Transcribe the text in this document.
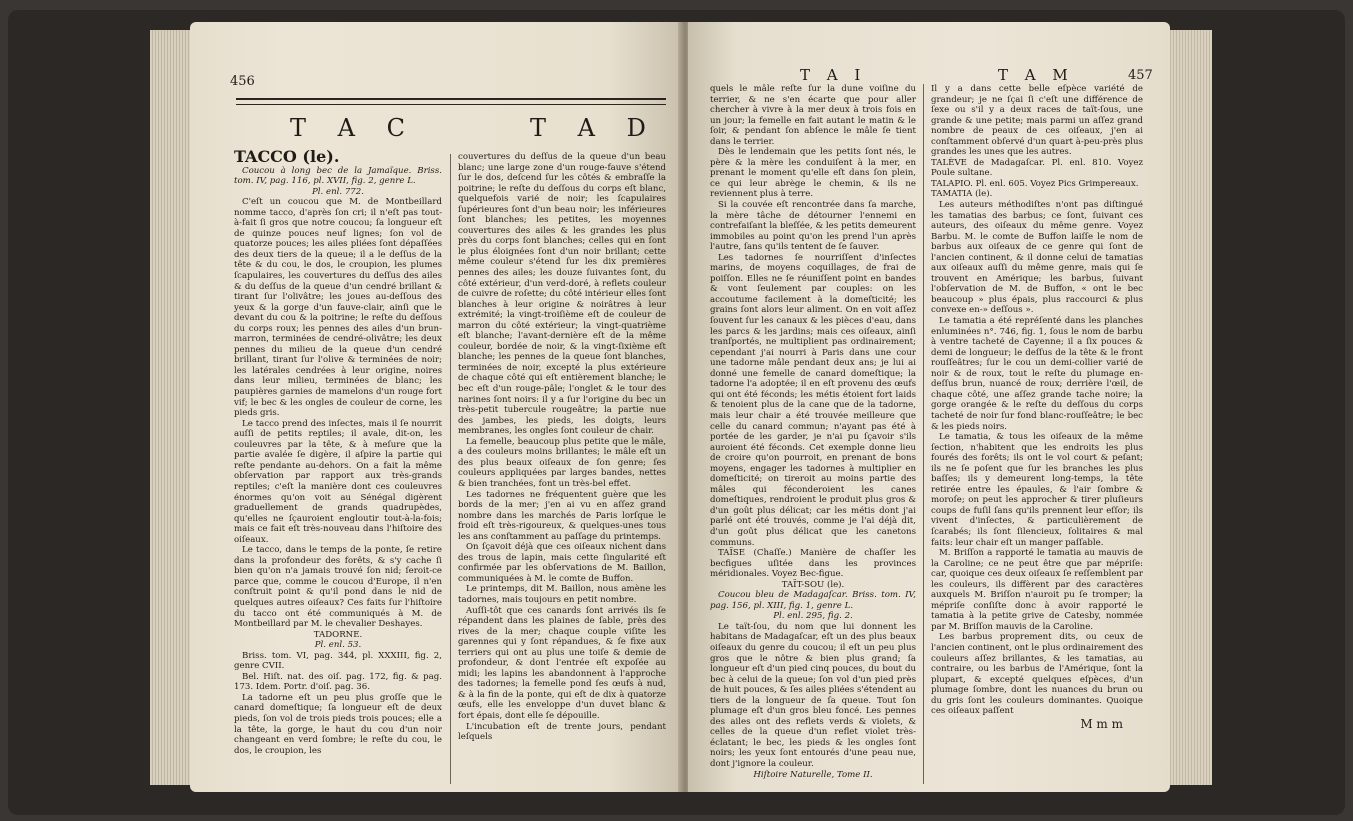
456
T A C	T A D

TACCO (le).

Coucou à long bec de la Jamaïque. Briss. tom. IV, pag. 116, pl. XVII, fig. 2, genre L.

Pl. enl. 772.

C'eſt un coucou que M. de Montbeillard nomme tacco, d'après ſon cri; il n'eſt pas tout-à-fait ſi gros que notre coucou; ſa longueur eſt de quinze pouces neuf lignes; ſon vol de quatorze pouces; les ailes pliées ſont dépaſſées des deux tiers de la queue; il a le deſſus de la tête & du cou, le dos, le croupion, les plumes ſcapulaires, les couvertures du deſſus des ailes & du deſſus de la queue d'un cendré brillant & tirant ſur l'olivâtre; les joues au-deſſous des yeux & la gorge d'un fauve-clair, ainſi que le devant du cou & la poitrine; le reſte du deſſous du corps roux; les pennes des ailes d'un brun-marron, terminées de cendré-olivâtre; les deux pennes du milieu de la queue d'un cendré brillant, tirant ſur l'olive & terminées de noir; les latérales cendrées à leur origine, noires dans leur milieu, terminées de blanc; les paupières garnies de mamelons d'un rouge fort vif; le bec & les ongles de couleur de corne, les pieds gris.

Le tacco prend des inſectes, mais il ſe nourrit auſſi de petits reptiles; il avale, dit-on, les couleuvres par la tête, & à meſure que la partie avalée ſe digère, il aſpire la partie qui reſte pendante au-dehors. On a fait la même obſervation par rapport aux très-grands reptiles; c'eſt la manière dont ces couleuvres énormes qu'on voit au Sénégal digèrent graduellement de grands quadrupèdes, qu'elles ne ſçauroient engloutir tout-à-la-fois; mais ce fait eſt très-nouveau dans l'hiſtoire des oiſeaux.

Le tacco, dans le temps de la ponte, ſe retire dans la profondeur des forêts, & s'y cache ſi bien qu'on n'a jamais trouvé ſon nid; ſeroit-ce parce que, comme le coucou d'Europe, il n'en conſtruit point & qu'il pond dans le nid de quelques autres oiſeaux? Ces faits ſur l'hiſtoire du tacco ont été communiqués à M. de Montbeillard par M. le chevalier Deshayes.

TADORNE.

Pl. enl. 53.

Briss. tom. VI, pag. 344, pl. XXXIII, fig. 2, genre CVII.

Bel. Hiſt. nat. des oiſ. pag. 172, fig. & pag. 173. Idem. Portr. d'oiſ. pag. 36.

La tadorne eſt un peu plus groſſe que le canard domeſtique; ſa longueur eſt de deux pieds, ſon vol de trois pieds trois pouces; elle a la tête, la gorge, le haut du cou d'un noir changeant en verd ſombre; le reſte du cou, le dos, le croupion, les

couvertures du deſſus de la queue d'un beau blanc; une large zone d'un rouge-fauve s'étend ſur le dos, deſcend ſur les côtés & embraſſe la poitrine; le reſte du deſſous du corps eſt blanc, quelquefois varié de noir; les ſcapulaires ſupérieures ſont d'un beau noir; les inférieures ſont blanches; les petites, les moyennes couvertures des ailes & les grandes les plus près du corps ſont blanches; celles qui en ſont le plus éloignées ſont d'un noir brillant; cette même couleur s'étend ſur les dix premières pennes des ailes; les douze ſuivantes ſont, du côté extérieur, d'un verd-doré, à reflets couleur de cuivre de roſette; du côté intérieur elles ſont blanches à leur origine & noirâtres à leur extrémité; la vingt-troiſième eſt de couleur de marron du côté extérieur; la vingt-quatrième eſt blanche; l'avant-dernière eſt de la même couleur, bordée de noir, & la vingt-ſixième eſt blanche; les pennes de la queue ſont blanches, terminées de noir, excepté la plus extérieure de chaque côté qui eſt entièrement blanche; le bec eſt d'un rouge-pâle; l'onglet & le tour des narines ſont noirs: il y a ſur l'origine du bec un très-petit tubercule rougeâtre; la partie nue des jambes, les pieds, les doigts, leurs membranes, les ongles ſont couleur de chair.

La femelle, beaucoup plus petite que le mâle, a des couleurs moins brillantes; le mâle eſt un des plus beaux oiſeaux de ſon genre; ſes couleurs appliquées par larges bandes, nettes & bien tranchées, font un très-bel effet.

Les tadornes ne fréquentent guère que les bords de la mer; j'en ai vu en aſſez grand nombre dans les marchés de Paris lorſque le froid eſt très-rigoureux, & quelques-unes tous les ans conſtamment au paſſage du printemps.

On ſçavoit déjà que ces oiſeaux nichent dans des trous de lapin, mais cette ſingularité eſt confirmée par les obſervations de M. Baillon, communiquées à M. le comte de Buffon.

Le printemps, dit M. Baillon, nous amène les tadornes, mais toujours en petit nombre.

Auſſi-tôt que ces canards ſont arrivés ils ſe répandent dans les plaines de ſable, près des rives de la mer; chaque couple viſite les garennes qui y ſont répandues, & ſe fixe aux terriers qui ont au plus une toiſe & demie de profondeur, & dont l'entrée eſt expoſée au midi; les lapins les abandonnent à l'approche des tadornes; la femelle pond ſes œufs à nud, & à la fin de la ponte, qui eſt de dix à quatorze œufs, elle les enveloppe d'un duvet blanc & fort épais, dont elle ſe dépouille.

L'incubation eſt de trente jours, pendant leſquels

T A I	T A M	457

quels le mâle reſte ſur la dune voiſine du terrier, & ne s'en écarte que pour aller chercher à vivre à la mer deux à trois fois en un jour; la femelle en fait autant le matin & le ſoir, & pendant ſon abſence le mâle ſe tient dans le terrier.

Dès le lendemain que les petits ſont nés, le père & la mère les conduiſent à la mer, en prenant le moment qu'elle eſt dans ſon plein, ce qui leur abrège le chemin, & ils ne reviennent plus à terre.

Si la couvée eſt rencontrée dans ſa marche, la mère tâche de détourner l'ennemi en contrefaiſant la bleſſée, & les petits demeurent immobiles au point qu'on les prend l'un après l'autre, ſans qu'ils tentent de ſe ſauver.

Les tadornes ſe nourriſſent d'inſectes marins, de moyens coquillages, de frai de poiſſon. Elles ne ſe réuniſſent point en bandes & vont ſeulement par couples: on les accoutume facilement à la domeſticité; les grains ſont alors leur aliment. On en voit aſſez ſouvent ſur les canaux & les pièces d'eau, dans les parcs & les jardins; mais ces oiſeaux, ainſi tranſportés, ne multiplient pas ordinairement; cependant j'ai nourri à Paris dans une cour une tadorne mâle pendant deux ans; je lui ai donné une femelle de canard domeſtique; la tadorne l'a adoptée; il en eſt provenu des œufs qui ont été féconds; les métis étoient fort laids & tenoient plus de la cane que de la tadorne, mais leur chair a été trouvée meilleure que celle du canard commun; n'ayant pas été à portée de les garder, je n'ai pu ſçavoir s'ils auroient été féconds. Cet exemple donne lieu de croire qu'on pourroit, en prenant de bons moyens, engager les tadornes à multiplier en domeſticité; on tireroit au moins partie des mâles qui féconderoient les canes domeſtiques, rendroient le produit plus gros & d'un goût plus délicat; car les métis dont j'ai parlé ont été trouvés, comme je l'ai déjà dit, d'un goût plus délicat que les canetons communs.

TAÏSE (Chaſſe.) Manière de chaſſer les becfigues uſitée dans les provinces méridionales. Voyez Bec-figue.

TAÏT-SOU (le).

Coucou bleu de Madagaſcar. Briss. tom. IV, pag. 156, pl. XIII, fig. 1, genre L.

Pl. enl. 295, fig. 2.

Le taït-ſou, du nom que lui donnent les habitans de Madagaſcar, eſt un des plus beaux oiſeaux du genre du coucou; il eſt un peu plus gros que le nôtre & bien plus grand; ſa longueur eſt d'un pied cinq pouces, du bout du bec à celui de la queue; ſon vol d'un pied près de huit pouces, & ſes ailes pliées s'étendent au tiers de la longueur de ſa queue. Tout ſon plumage eſt d'un gros bleu foncé. Les pennes des ailes ont des reflets verds & violets, & celles de la queue d'un reflet violet très-éclatant; le bec, les pieds & les ongles ſont noirs; les yeux ſont entourés d'une peau nue, dont j'ignore la couleur.

Hiſtoire Naturelle, Tome II.

Il y a dans cette belle eſpèce variété de grandeur; je ne ſçai ſi c'eſt une différence de ſexe ou s'il y a deux races de taït-ſous, une grande & une petite; mais parmi un aſſez grand nombre de peaux de ces oiſeaux, j'en ai conſtamment obſervé d'un quart à-peu-près plus grandes les unes que les autres.

TALÈVE de Madagaſcar. Pl. enl. 810. Voyez Poule sultane.

TALAPIO. Pl. enl. 605. Voyez Pics Grimpereaux.

TAMATIA (le).

Les auteurs méthodiſtes n'ont pas diſtingué les tamatias des barbus; ce ſont, ſuivant ces auteurs, des oiſeaux du même genre. Voyez Barbu. M. le comte de Buffon laiſſe le nom de barbus aux oiſeaux de ce genre qui ſont de l'ancien continent, & il donne celui de tamatias aux oiſeaux auſſi du même genre, mais qui ſe trouvent en Amérique; les barbus, ſuivant l'obſervation de M. de Buffon, « ont le bec beaucoup » plus épais, plus raccourci & plus convexe en-» deſſous ».

Le tamatia a été repréſenté dans les planches enluminées n°. 746, fig. 1, ſous le nom de barbu à ventre tacheté de Cayenne; il a ſix pouces & demi de longueur; le deſſus de la tête & le front rouſſeâtres; ſur le cou un demi-collier varié de noir & de roux, tout le reſte du plumage en-deſſus brun, nuancé de roux; derrière l'œil, de chaque côté, une aſſez grande tache noire; la gorge orangée & le reſte du deſſous du corps tacheté de noir ſur fond blanc-rouſſeâtre; le bec & les pieds noirs.

Le tamatia, & tous les oiſeaux de la même ſection, n'habitent que les endroits les plus fourés des forêts; ils ont le vol court & peſant; ils ne ſe poſent que ſur les branches les plus baſſes; ils y demeurent long-temps, la tête retirée entre les épaules, & l'air ſombre & moroſe; on peut les approcher & tirer pluſieurs coups de fuſil ſans qu'ils prennent leur eſſor; ils vivent d'inſectes, & particulièrement de ſcarabés; ils ſont ſilencieux, ſolitaires & mal faits: leur chair eſt un manger paſſable.

M. Briſſon a rapporté le tamatia au mauvis de la Caroline; ce ne peut être que par mépriſe: car, quoique ces deux oiſeaux ſe reſſemblent par les couleurs, ils diffèrent par des caractères auxquels M. Briſſon n'auroit pu ſe tromper; la mépriſe conſiſte donc à avoir rapporté le tamatia à la petite grive de Catesby, nommée par M. Briſſon mauvis de la Caroline.

Les barbus proprement dits, ou ceux de l'ancien continent, ont le plus ordinairement des couleurs aſſez brillantes, & les tamatias, au contraire, ou les barbus de l'Amérique, ſont la plupart, & excepté quelques eſpèces, d'un plumage ſombre, dont les nuances du brun ou du gris ſont les couleurs dominantes. Quoique ces oiſeaux paſſent

M m m
